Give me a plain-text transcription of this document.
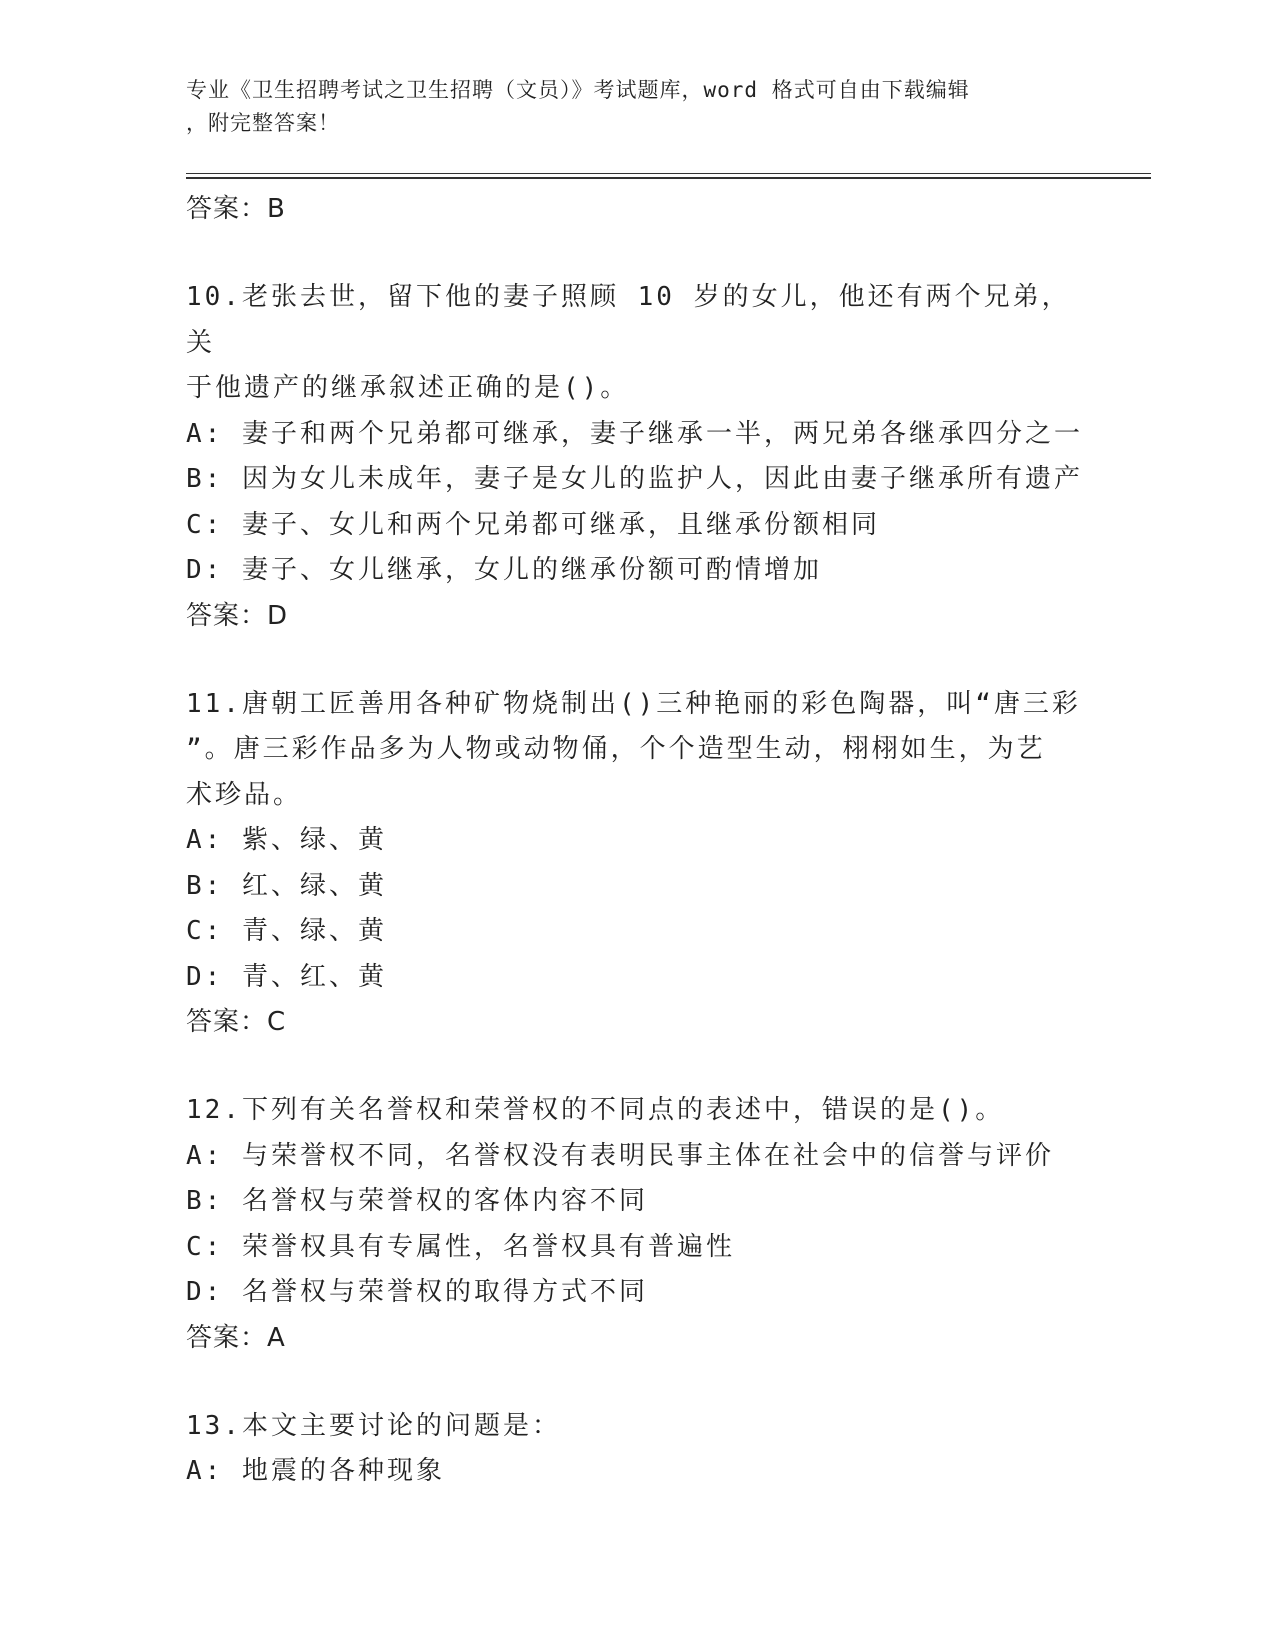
专业《卫生招聘考试之卫生招聘（文员）》考试题库，word 格式可自由下载编辑
，附完整答案！
答案：B
10.老张去世，留下他的妻子照顾 10 岁的女儿，他还有两个兄弟，关
于他遗产的继承叙述正确的是()。
A: 妻子和两个兄弟都可继承，妻子继承一半，两兄弟各继承四分之一
B: 因为女儿未成年，妻子是女儿的监护人，因此由妻子继承所有遗产
C: 妻子、女儿和两个兄弟都可继承，且继承份额相同
D: 妻子、女儿继承，女儿的继承份额可酌情增加
答案：D
11.唐朝工匠善用各种矿物烧制出()三种艳丽的彩色陶器，叫“唐三彩
”。唐三彩作品多为人物或动物俑，个个造型生动，栩栩如生，为艺
术珍品。
A: 紫、绿、黄
B: 红、绿、黄
C: 青、绿、黄
D: 青、红、黄
答案：C
12.下列有关名誉权和荣誉权的不同点的表述中，错误的是()。
A: 与荣誉权不同，名誉权没有表明民事主体在社会中的信誉与评价
B: 名誉权与荣誉权的客体内容不同
C: 荣誉权具有专属性，名誉权具有普遍性
D: 名誉权与荣誉权的取得方式不同
答案：A
13.本文主要讨论的问题是：
A: 地震的各种现象
